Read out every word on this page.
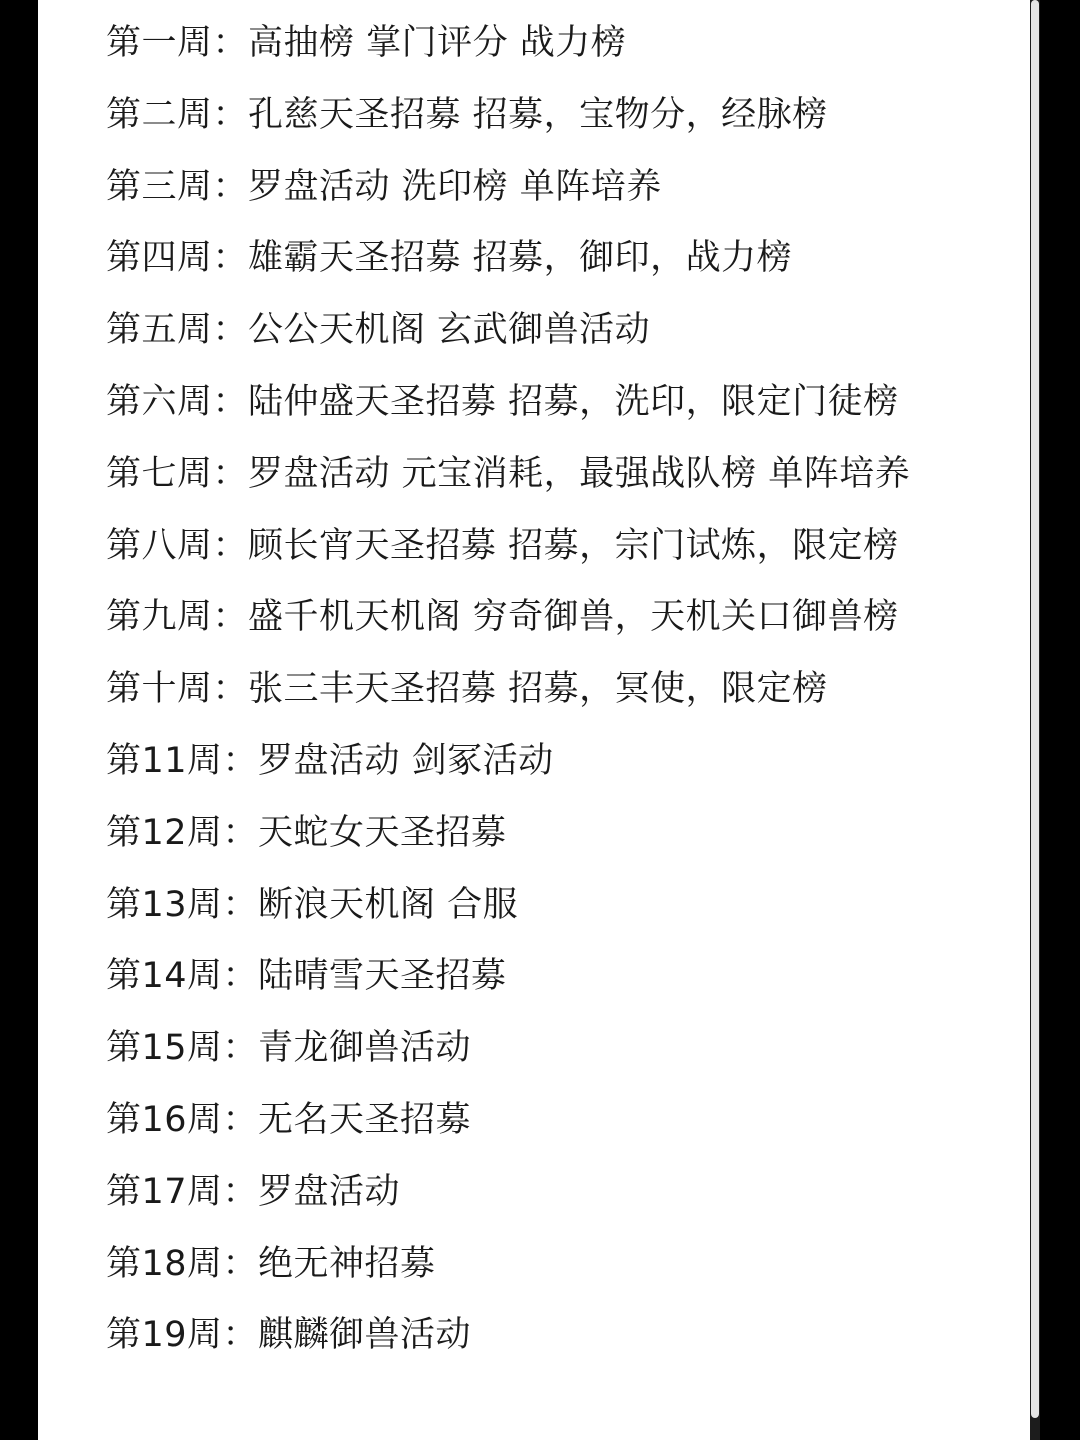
第一周：高抽榜 掌门评分 战力榜
第二周：孔慈天圣招募 招募，宝物分，经脉榜
第三周：罗盘活动 洗印榜 单阵培养
第四周：雄霸天圣招募 招募，御印，战力榜
第五周：公公天机阁 玄武御兽活动
第六周：陆仲盛天圣招募 招募，洗印，限定门徒榜
第七周：罗盘活动 元宝消耗，最强战队榜 单阵培养
第八周：顾长宵天圣招募 招募，宗门试炼，限定榜
第九周：盛千机天机阁 穷奇御兽，天机关口御兽榜
第十周：张三丰天圣招募 招募，冥使，限定榜
第11周：罗盘活动 剑冢活动
第12周：天蛇女天圣招募
第13周：断浪天机阁 合服
第14周：陆晴雪天圣招募
第15周：青龙御兽活动
第16周：无名天圣招募
第17周：罗盘活动
第18周：绝无神招募
第19周：麒麟御兽活动
